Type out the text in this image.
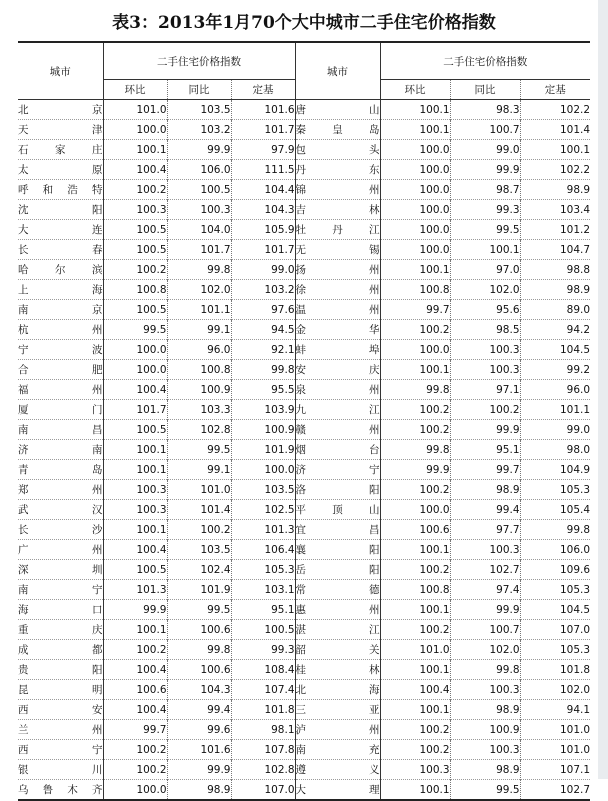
表3：2013年1月70个大中城市二手住宅价格指数
城市	二手住宅价格指数			城市	二手住宅价格指数		
	环比	同比	定基		环比	同比	定基
北京	101.0	103.5	101.6	唐山	100.1	98.3	102.2
天津	100.0	103.2	101.7	秦皇岛	100.1	100.7	101.4
石家庄	100.1	99.9	97.9	包头	100.0	99.0	100.1
太原	100.4	106.0	111.5	丹东	100.0	99.9	102.2
呼和浩特	100.2	100.5	104.4	锦州	100.0	98.7	98.9
沈阳	100.3	100.3	104.3	吉林	100.0	99.3	103.4
大连	100.5	104.0	105.9	牡丹江	100.0	99.5	101.2
长春	100.5	101.7	101.7	无锡	100.0	100.1	104.7
哈尔滨	100.2	99.8	99.0	扬州	100.1	97.0	98.8
上海	100.8	102.0	103.2	徐州	100.8	102.0	98.9
南京	100.5	101.1	97.6	温州	99.7	95.6	89.0
杭州	99.5	99.1	94.5	金华	100.2	98.5	94.2
宁波	100.0	96.0	92.1	蚌埠	100.0	100.3	104.5
合肥	100.0	100.8	99.8	安庆	100.1	100.3	99.2
福州	100.4	100.9	95.5	泉州	99.8	97.1	96.0
厦门	101.7	103.3	103.9	九江	100.2	100.2	101.1
南昌	100.5	102.8	100.9	赣州	100.2	99.9	99.0
济南	100.1	99.5	101.9	烟台	99.8	95.1	98.0
青岛	100.1	99.1	100.0	济宁	99.9	99.7	104.9
郑州	100.3	101.0	103.5	洛阳	100.2	98.9	105.3
武汉	100.3	101.4	102.5	平顶山	100.0	99.4	105.4
长沙	100.1	100.2	101.3	宜昌	100.6	97.7	99.8
广州	100.4	103.5	106.4	襄阳	100.1	100.3	106.0
深圳	100.5	102.4	105.3	岳阳	100.2	102.7	109.6
南宁	101.3	101.9	103.1	常德	100.8	97.4	105.3
海口	99.9	99.5	95.1	惠州	100.1	99.9	104.5
重庆	100.1	100.6	100.5	湛江	100.2	100.7	107.0
成都	100.2	99.8	99.3	韶关	101.0	102.0	105.3
贵阳	100.4	100.6	108.4	桂林	100.1	99.8	101.8
昆明	100.6	104.3	107.4	北海	100.4	100.3	102.0
西安	100.4	99.4	101.8	三亚	100.1	98.9	94.1
兰州	99.7	99.6	98.1	泸州	100.2	100.9	101.0
西宁	100.2	101.6	107.8	南充	100.2	100.3	101.0
银川	100.2	99.9	102.8	遵义	100.3	98.9	107.1
乌鲁木齐	100.0	98.9	107.0	大理	100.1	99.5	102.7
